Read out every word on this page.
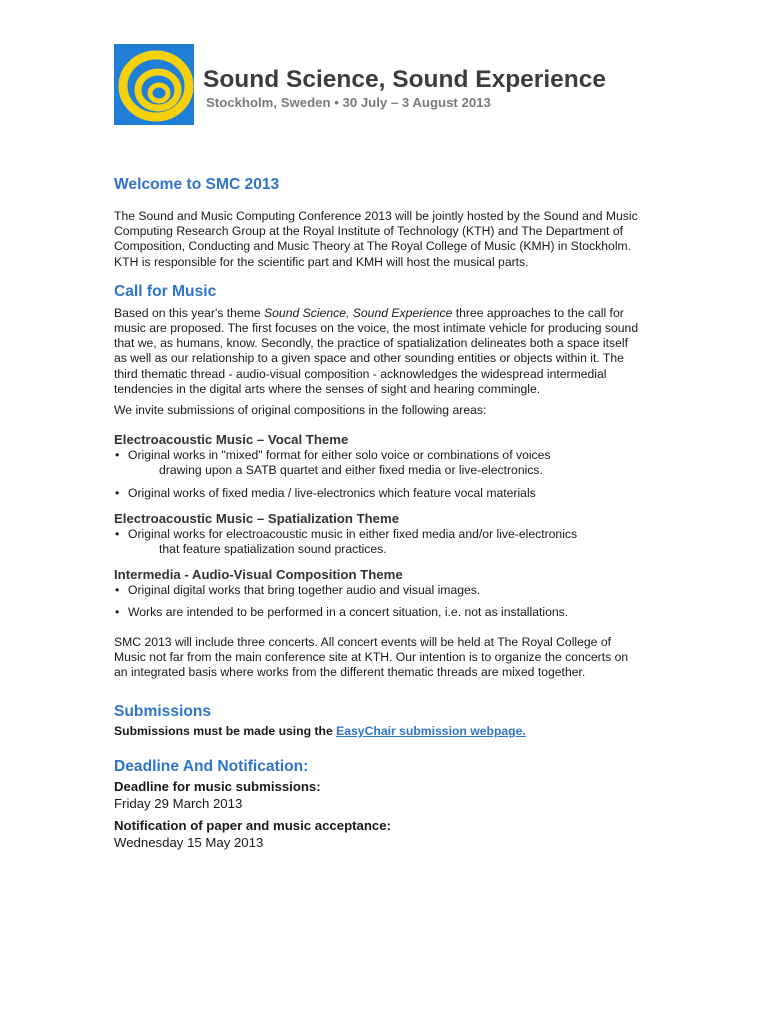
Sound Science, Sound Experience
Stockholm, Sweden • 30 July – 3 August 2013
Welcome to SMC 2013

The Sound and Music Computing Conference 2013 will be jointly hosted by the Sound and Music Computing Research Group at the Royal Institute of Technology (KTH) and The Department of Composition, Conducting and Music Theory at The Royal College of Music (KMH) in Stockholm. KTH is responsible for the scientific part and KMH will host the musical parts.

Call for Music

Based on this year's theme Sound Science, Sound Experience three approaches to the call for music are proposed. The first focuses on the voice, the most intimate vehicle for producing sound that we, as humans, know. Secondly, the practice of spatialization delineates both a space itself as well as our relationship to a given space and other sounding entities or objects within it. The third thematic thread - audio-visual composition - acknowledges the widespread intermedial tendencies in the digital arts where the senses of sight and hearing commingle.

We invite submissions of original compositions in the following areas:

Electroacoustic Music – Vocal Theme
• Original works in "mixed" format for either solo voice or combinations of voices
drawing upon a SATB quartet and either fixed media or live-electronics.
• Original works of fixed media / live-electronics which feature vocal materials
Electroacoustic Music – Spatialization Theme
• Original works for electroacoustic music in either fixed media and/or live-electronics
that feature spatialization sound practices.
Intermedia - Audio-Visual Composition Theme
• Original digital works that bring together audio and visual images.
• Works are intended to be performed in a concert situation, i.e. not as installations.

SMC 2013 will include three concerts. All concert events will be held at The Royal College of Music not far from the main conference site at KTH. Our intention is to organize the concerts on an integrated basis where works from the different thematic threads are mixed together.

Submissions

Submissions must be made using the EasyChair submission webpage.

Deadline And Notification:
Deadline for music submissions:
Friday 29 March 2013
Notification of paper and music acceptance:
Wednesday 15 May 2013
